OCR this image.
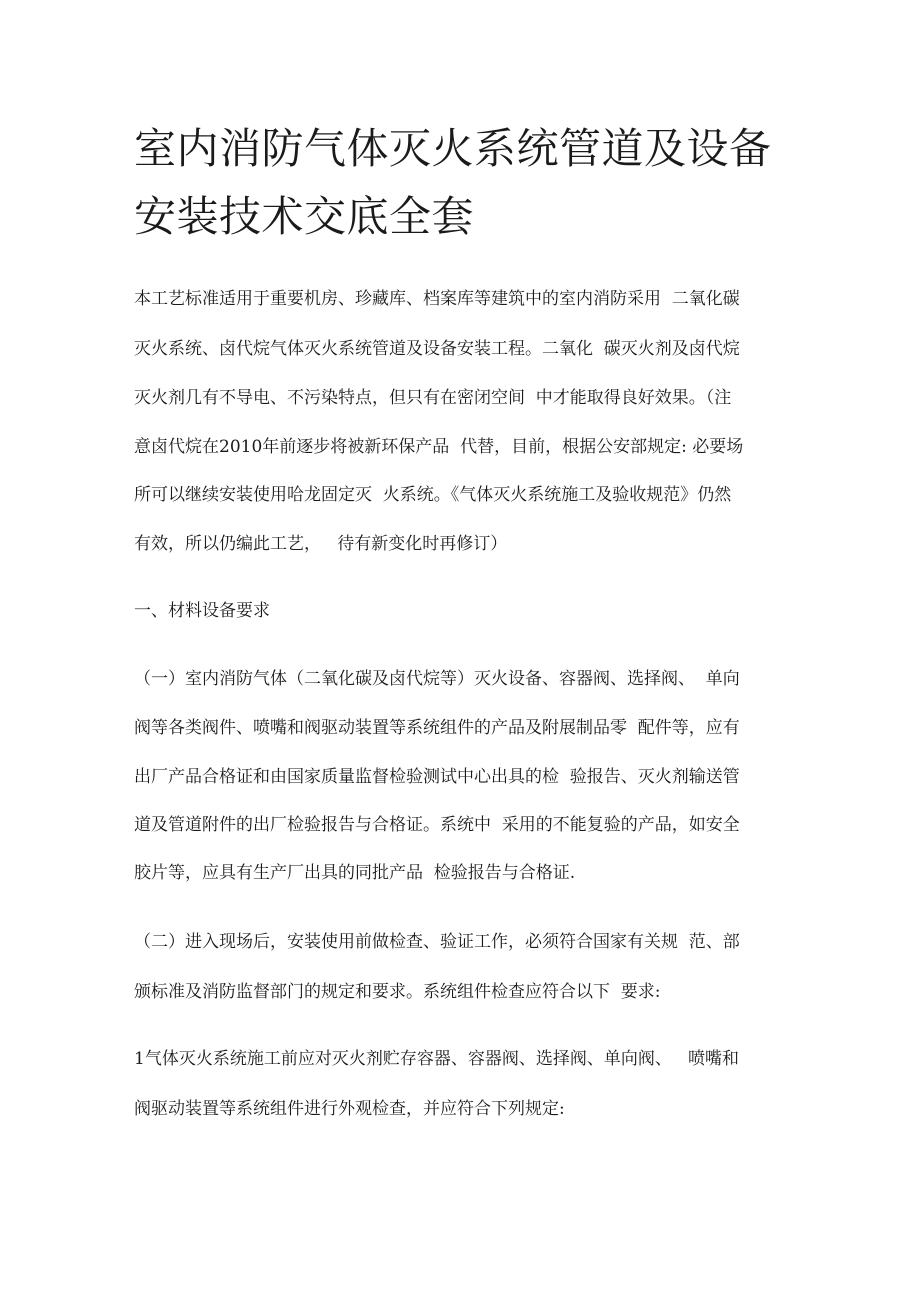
室内消防气体灭火系统管道及设备
安装技术交底全套

本工艺标准适用于重要机房、珍藏库、档案库等建筑中的室内消防采用  二氧化碳

灭火系统、卤代烷气体灭火系统管道及设备安装工程。二氧化  碳灭火剂及卤代烷

灭火剂几有不导电、不污染特点，但只有在密闭空间  中才能取得良好效果。（注

意卤代烷在2010年前逐步将被新环保产品  代替，目前，根据公安部规定: 必要场

所可以继续安装使用哈龙固定灭  火系统。《气体灭火系统施工及验收规范》仍然

有效，所以仍编此工艺，   待有新变化时再修订）

一、材料设备要求

（一）室内消防气体（二氧化碳及卤代烷等）灭火设备、容器阀、选择阀、  单向

阀等各类阀件、喷嘴和阀驱动装置等系统组件的产品及附展制品零  配件等，应有

出厂产品合格证和由国家质量监督检验测试中心出具的检  验报告、灭火剂输送管

道及管道附件的出厂检验报告与合格证。系统中  采用的不能复验的产品，如安全

胶片等，应具有生产厂出具的同批产品  检验报告与合格证.

（二）进入现场后，安装使用前做检查、验证工作，必须符合国家有关规  范、部

颁标准及消防监督部门的规定和要求。系统组件检查应符合以下  要求:

1气体灭火系统施工前应对灭火剂贮存容器、容器阀、选择阀、单向阀、   喷嘴和

阀驱动装置等系统组件进行外观检查，并应符合下列规定:
